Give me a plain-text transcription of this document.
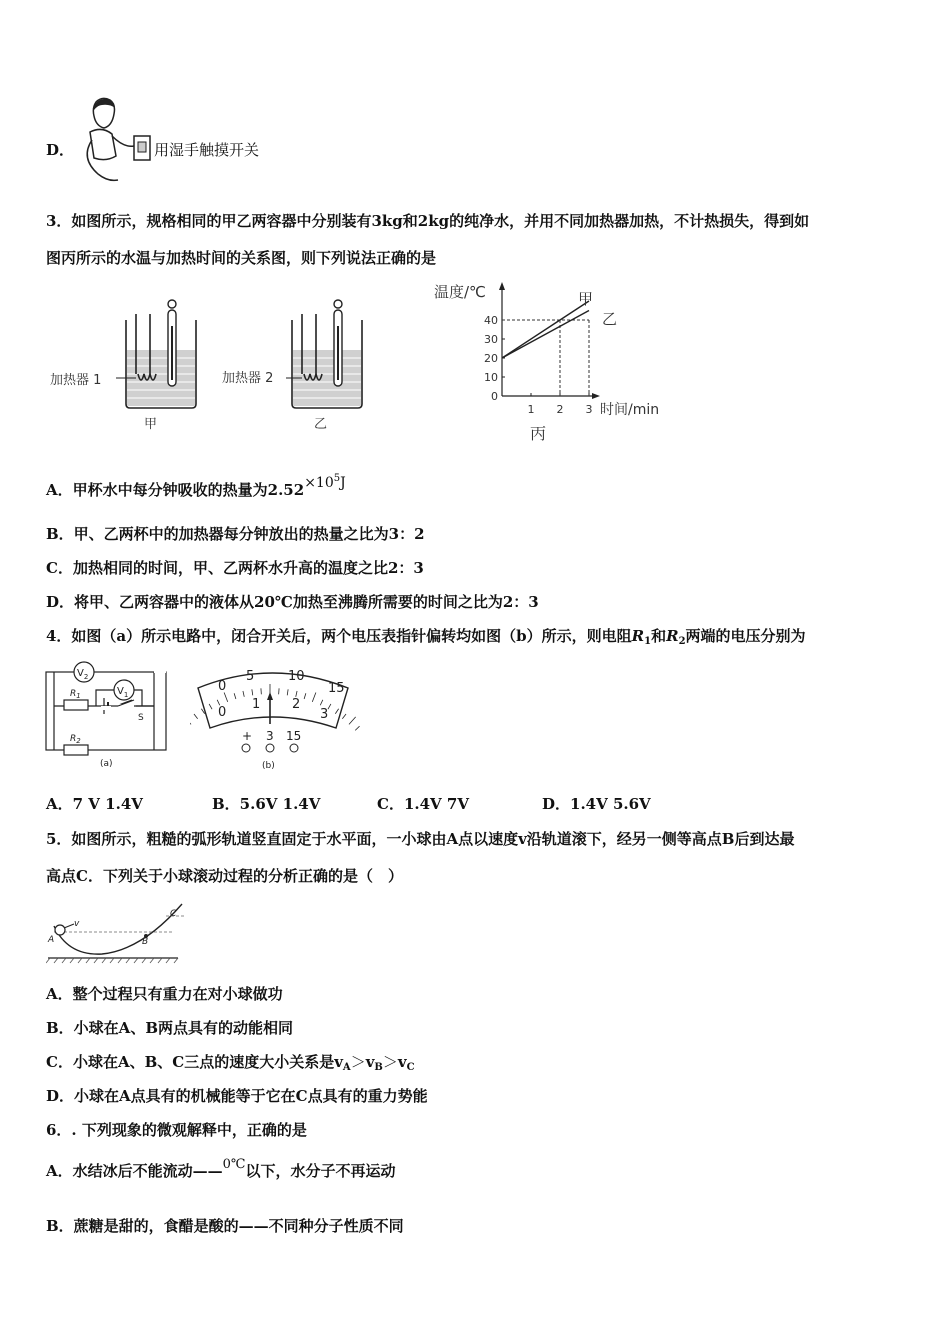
D．	用湿手触摸开关
3．如图所示，规格相同的甲乙两容器中分别装有3kg和2kg的纯净水，并用不同加热器加热，不计热损失，得到如
图丙所示的水温与加热时间的关系图，则下列说法正确的是
加热器 1
甲
加热器 2
乙
温度/℃
时间/min
丙
0
10
20
30
40
1 2 3
甲
乙
A．甲杯水中每分钟吸收的热量为$2.52\times 10^5J$
B．甲、乙两杯中的加热器每分钟放出的热量之比为3：2
C．加热相同的时间，甲、乙两杯水升高的温度之比2：3
D．将甲、乙两容器中的液体从20℃加热至沸腾所需要的时间之比为2：3
4．如图（a）所示电路中，闭合开关后，两个电压表指针偏转均如图（b）所示，则电阻$R_1$和$R_2$两端的电压分别为
$V_2$
$V_1$
$R_1$
S
$R_2$
(a)
0
5	10
15
0
1 2
3
+ 3 15
(b)
A．7 V 1.4V	B．5.6V 1.4V	C．1.4V 7V	D．1.4V 5.6V
5．如图所示，粗糙的弧形轨道竖直固定于水平面，一小球由A点以速度v沿轨道滚下，经另一侧等高点B后到达最
高点C．下列关于小球滚动过程的分析正确的是（　）
A	B
C
v
A．整个过程只有重力在对小球做功
B．小球在A、B两点具有的动能相同
C．小球在A、B、C三点的速度大小关系是$v_A>v_B>v_C$
D．小球在A点具有的机械能等于它在C点具有的重力势能
6．. 下列现象的微观解释中，正确的是
A．水结冰后不能流动——0℃以下，水分子不再运动
B．蔗糖是甜的，食醋是酸的——不同种分子性质不同
